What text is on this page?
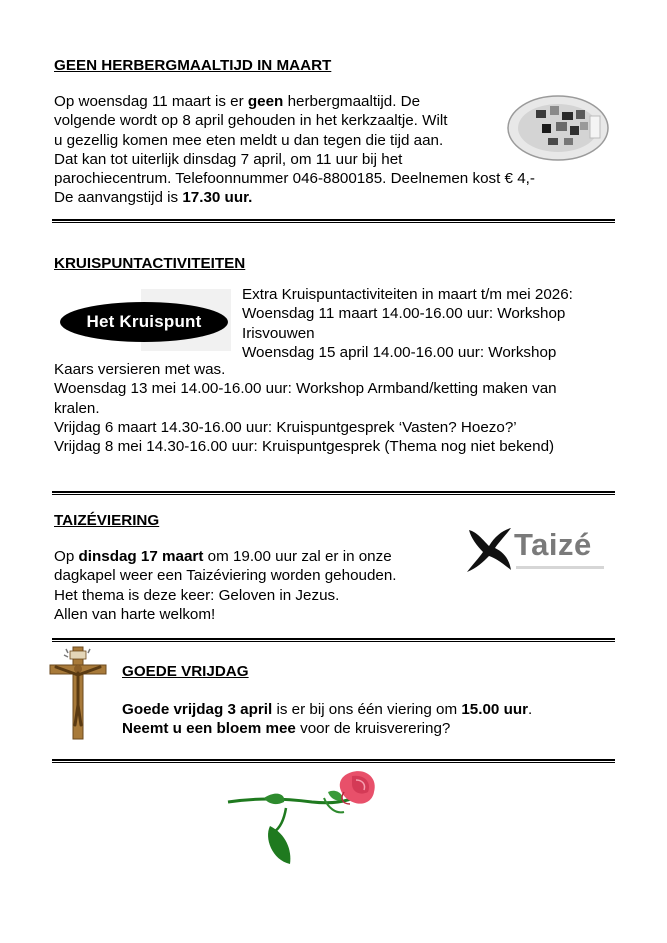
GEEN HERBERGMAALTIJD IN MAART
Op woensdag 11 maart is er geen herbergmaaltijd. De
volgende wordt op 8 april gehouden in het kerkzaaltje. Wilt
u gezellig komen mee eten meldt u dan tegen die tijd aan.
Dat kan tot uiterlijk dinsdag 7 april, om 11 uur bij het
parochiecentrum. Telefoonnummer 046-8800185. Deelnemen kost € 4,-
De aanvangstijd is 17.30 uur.
KRUISPUNTACTIVITEITEN
Het Kruispunt
Extra Kruispuntactiviteiten in maart t/m mei 2026:
Woensdag 11 maart 14.00-16.00 uur: Workshop
Irisvouwen
Woensdag 15 april 14.00-16.00 uur: Workshop
Kaars versieren met was.
Woensdag 13 mei 14.00-16.00 uur: Workshop Armband/ketting maken van
kralen.
Vrijdag 6 maart 14.30-16.00 uur: Kruispuntgesprek ‘Vasten? Hoezo?’
Vrijdag 8 mei 14.30-16.00 uur: Kruispuntgesprek (Thema nog niet bekend)
TAIZÉVIERING
Op dinsdag 17 maart om 19.00 uur zal er in onze
dagkapel weer een Taizéviering worden gehouden.
Het thema is deze keer: Geloven in Jezus.
Allen van harte welkom!
Taizé
GOEDE VRIJDAG
Goede vrijdag 3 april is er bij ons één viering om 15.00 uur.
Neemt u een bloem mee voor de kruisverering?
